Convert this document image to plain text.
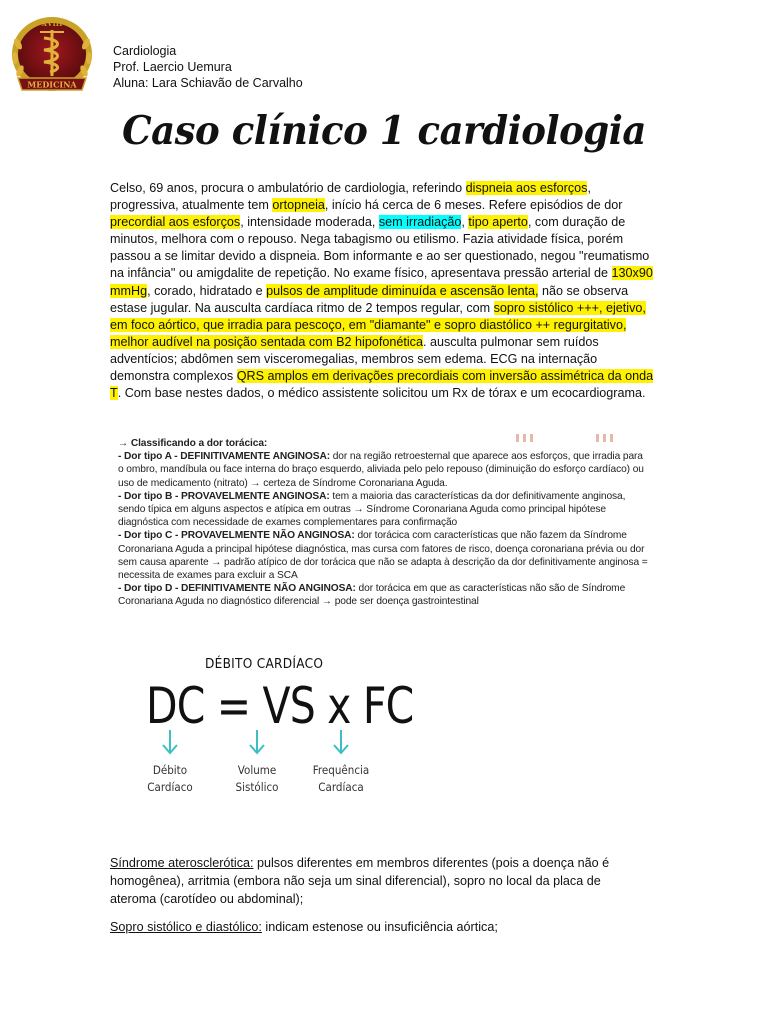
MEDICINA
XVIII
Cardiologia
Prof. Laercio Uemura
Aluna: Lara Schiavão de Carvalho
Caso clínico 1 cardiologia
Celso, 69 anos, procura o ambulatório de cardiologia, referindo dispneia aos esforços, progressiva, atualmente tem ortopneia, início há cerca de 6 meses. Refere episódios de dor precordial aos esforços, intensidade moderada, sem irradiação, tipo aperto, com duração de minutos, melhora com o repouso. Nega tabagismo ou etilismo. Fazia atividade física, porém passou a se limitar devido a dispneia. Bom informante e ao ser questionado, negou "reumatismo na infância" ou amigdalite de repetição. No exame físico, apresentava pressão arterial de 130x90 mmHg, corado, hidratado e pulsos de amplitude diminuída e ascensão lenta, não se observa estase jugular. Na ausculta cardíaca ritmo de 2 tempos regular, com sopro sistólico +++, ejetivo, em foco aórtico, que irradia para pescoço, em "diamante" e sopro diastólico ++ regurgitativo, melhor audível na posição sentada com B2 hipofonética. ausculta pulmonar sem ruídos adventícios; abdômen sem visceromegalias, membros sem edema. ECG na internação demonstra complexos QRS amplos em derivações precordiais com inversão assimétrica da onda T. Com base nestes dados, o médico assistente solicitou um Rx de tórax e um ecocardiograma.

→ Classificando a dor torácica:

- Dor tipo A - DEFINITIVAMENTE ANGINOSA: dor na região retroesternal que aparece aos esforços, que irradia para o ombro, mandíbula ou face interna do braço esquerdo, aliviada pelo pelo repouso (diminuição do esforço cardíaco) ou uso de medicamento (nitrato) → certeza de Síndrome Coronariana Aguda.

- Dor tipo B - PROVAVELMENTE ANGINOSA: tem a maioria das características da dor definitivamente anginosa, sendo típica em alguns aspectos e atípica em outras → Síndrome Coronariana Aguda como principal hipótese diagnóstica com necessidade de exames complementares para confirmação

- Dor tipo C - PROVAVELMENTE NÃO ANGINOSA: dor torácica com características que não fazem da Síndrome Coronariana Aguda a principal hipótese diagnóstica, mas cursa com fatores de risco, doença coronariana prévia ou dor sem causa aparente → padrão atípico de dor torácica que não se adapta à descrição da dor definitivamente anginosa = necessita de exames para excluir a SCA

- Dor tipo D - DEFINITIVAMENTE NÃO ANGINOSA: dor torácica em que as características não são de Síndrome Coronariana Aguda no diagnóstico diferencial → pode ser doença gastrointestinal

DÉBITO CARDÍACO
DC = VS x FC
Débito
Cardíaco
Volume
Sistólico
Frequência
Cardíaca
Síndrome aterosclerótica: pulsos diferentes em membros diferentes (pois a doença não é homogênea), arritmia (embora não seja um sinal diferencial), sopro no local da placa de ateroma (carotídeo ou abdominal);
Sopro sistólico e diastólico: indicam estenose ou insuficiência aórtica;
